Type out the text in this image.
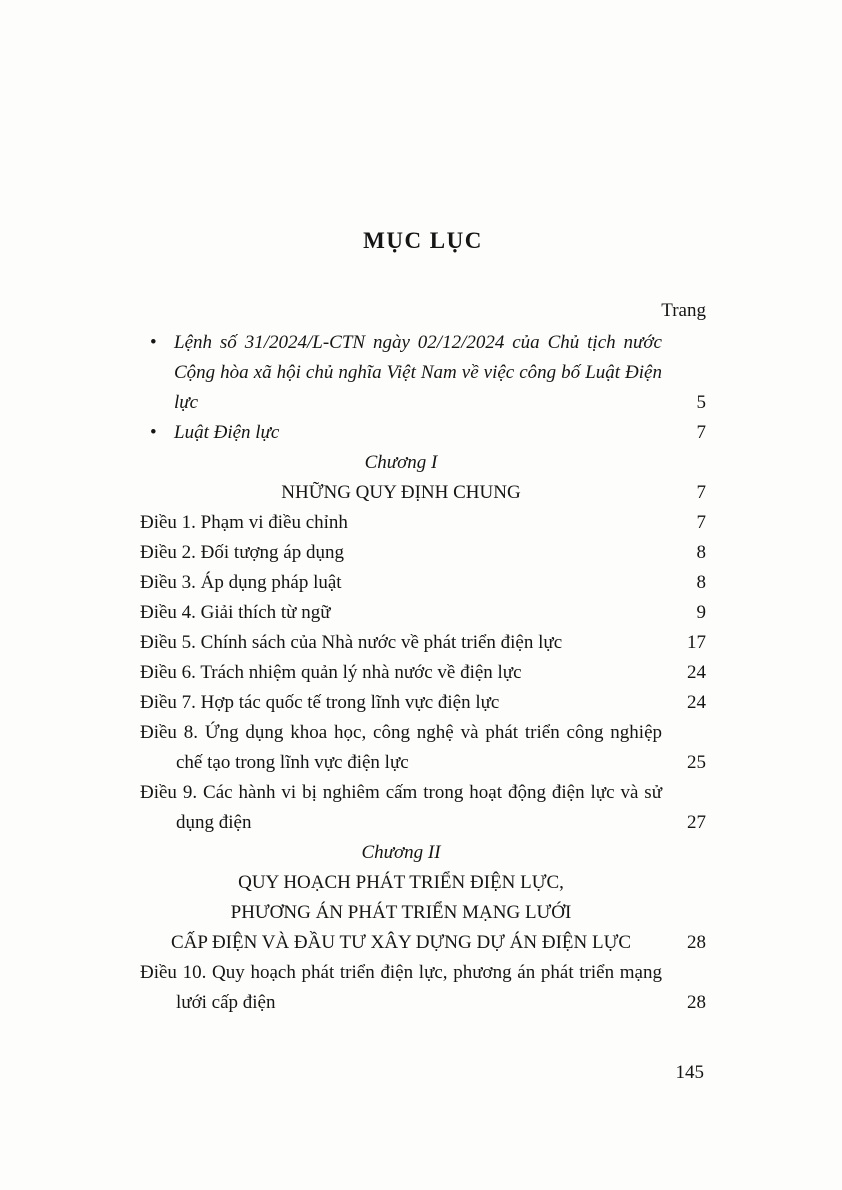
MỤC LỤC
Trang
• Lệnh số 31/2024/L-CTN ngày 02/12/2024 của Chủ tịch nước Cộng hòa xã hội chủ nghĩa Việt Nam về việc công bố Luật Điện lực	5
• Luật Điện lực	7
Chương I
NHỮNG QUY ĐỊNH CHUNG	7
Điều 1. Phạm vi điều chỉnh	7
Điều 2. Đối tượng áp dụng	8
Điều 3. Áp dụng pháp luật	8
Điều 4. Giải thích từ ngữ	9
Điều 5. Chính sách của Nhà nước về phát triển điện lực	17
Điều 6. Trách nhiệm quản lý nhà nước về điện lực	24
Điều 7. Hợp tác quốc tế trong lĩnh vực điện lực	24
Điều 8. Ứng dụng khoa học, công nghệ và phát triển công nghiệp chế tạo trong lĩnh vực điện lực	25
Điều 9. Các hành vi bị nghiêm cấm trong hoạt động điện lực và sử dụng điện	27
Chương II
QUY HOẠCH PHÁT TRIỂN ĐIỆN LỰC,
PHƯƠNG ÁN PHÁT TRIỂN MẠNG LƯỚI
CẤP ĐIỆN VÀ ĐẦU TƯ XÂY DỰNG DỰ ÁN ĐIỆN LỰC	28
Điều 10. Quy hoạch phát triển điện lực, phương án phát triển mạng lưới cấp điện	28
145
